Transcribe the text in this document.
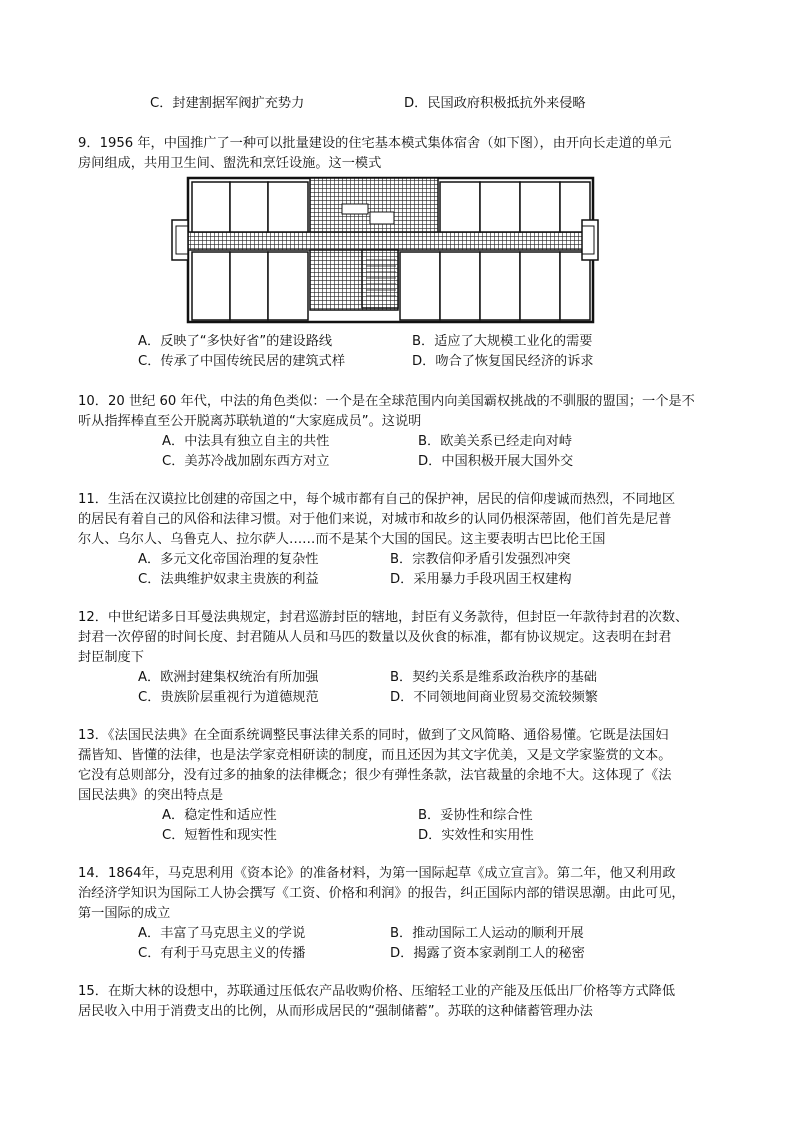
C．封建割据军阀扩充势力	D．民国政府积极抵抗外来侵略
9．1956 年，中国推广了一种可以批量建设的住宅基本模式集体宿舍（如下图），由开向长走道的单元
房间组成，共用卫生间、盥洗和烹饪设施。这一模式
A．反映了“多快好省”的建设路线	B．适应了大规模工业化的需要
C．传承了中国传统民居的建筑式样	D．吻合了恢复国民经济的诉求
10．20 世纪 60 年代，中法的角色类似：一个是在全球范围内向美国霸权挑战的不驯服的盟国；一个是不
听从指挥棒直至公开脱离苏联轨道的“大家庭成员”。这说明
A．中法具有独立自主的共性	B．欧美关系已经走向对峙
C．美苏冷战加剧东西方对立	D．中国积极开展大国外交
11．生活在汉谟拉比创建的帝国之中，每个城市都有自己的保护神，居民的信仰虔诚而热烈，不同地区
的居民有着自己的风俗和法律习惯。对于他们来说，对城市和故乡的认同仍根深蒂固，他们首先是尼普
尔人、乌尔人、乌鲁克人、拉尔萨人……而不是某个大国的国民。这主要表明古巴比伦王国
A．多元文化帝国治理的复杂性	B．宗教信仰矛盾引发强烈冲突
C．法典维护奴隶主贵族的利益	D．采用暴力手段巩固王权建构
12．中世纪诺多日耳曼法典规定，封君巡游封臣的辖地，封臣有义务款待，但封臣一年款待封君的次数、
封君一次停留的时间长度、封君随从人员和马匹的数量以及伙食的标准，都有协议规定。这表明在封君
封臣制度下
A．欧洲封建集权统治有所加强	B．契约关系是维系政治秩序的基础
C．贵族阶层重视行为道德规范	D．不同领地间商业贸易交流较频繁
13．《法国民法典》在全面系统调整民事法律关系的同时，做到了文风简略、通俗易懂。它既是法国妇
孺皆知、皆懂的法律，也是法学家竞相研读的制度，而且还因为其文字优美，又是文学家鉴赏的文本。
它没有总则部分，没有过多的抽象的法律概念；很少有弹性条款，法官裁量的余地不大。这体现了《法
国民法典》的突出特点是
A．稳定性和适应性	B．妥协性和综合性
C．短暂性和现实性	D．实效性和实用性
14．1864年，马克思利用《资本论》的准备材料，为第一国际起草《成立宣言》。第二年，他又利用政
治经济学知识为国际工人协会撰写《工资、价格和利润》的报告，纠正国际内部的错误思潮。由此可见，
第一国际的成立
A．丰富了马克思主义的学说	B．推动国际工人运动的顺利开展
C．有利于马克思主义的传播	D．揭露了资本家剥削工人的秘密
15．在斯大林的设想中，苏联通过压低农产品收购价格、压缩轻工业的产能及压低出厂价格等方式降低
居民收入中用于消费支出的比例，从而形成居民的“强制储蓄”。苏联的这种储蓄管理办法
